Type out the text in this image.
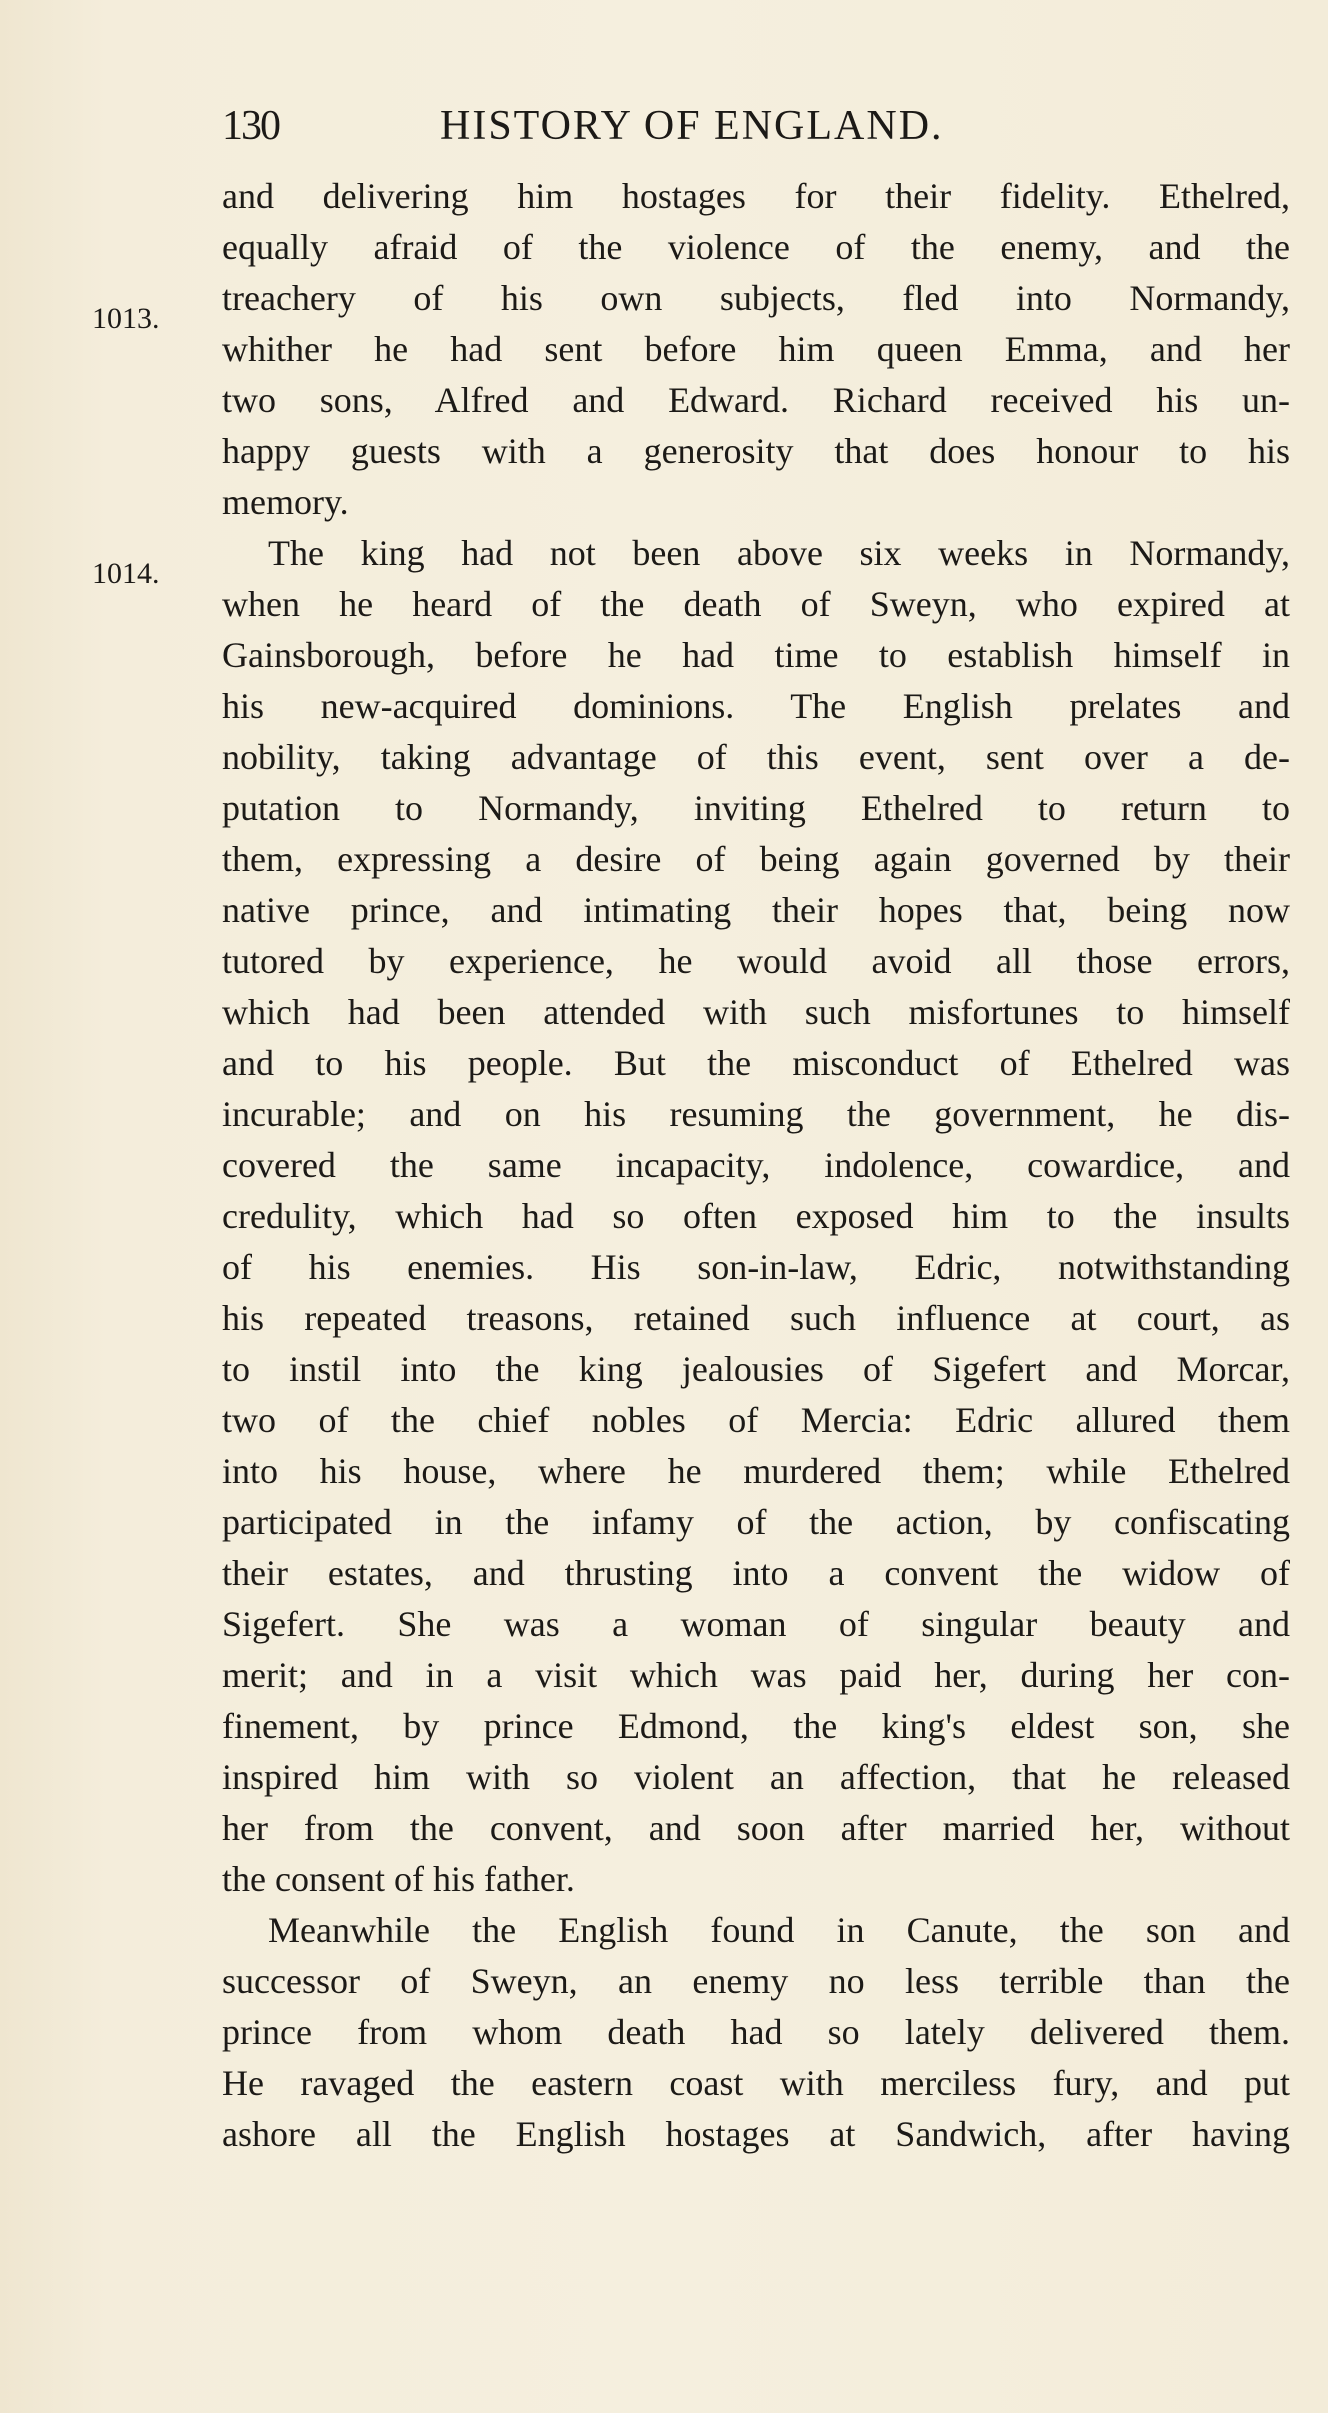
130	HISTORY OF ENGLAND.
1013.
1014.
and delivering him hostages for their fidelity. Ethelred,
equally afraid of the violence of the enemy, and the
treachery of his own subjects, fled into Normandy,
whither he had sent before him queen Emma, and her
two sons, Alfred and Edward. Richard received his un-
happy guests with a generosity that does honour to his
memory.
The king had not been above six weeks in Normandy,
when he heard of the death of Sweyn, who expired at
Gainsborough, before he had time to establish himself in
his new-acquired dominions. The English prelates and
nobility, taking advantage of this event, sent over a de-
putation to Normandy, inviting Ethelred to return to
them, expressing a desire of being again governed by their
native prince, and intimating their hopes that, being now
tutored by experience, he would avoid all those errors,
which had been attended with such misfortunes to himself
and to his people. But the misconduct of Ethelred was
incurable; and on his resuming the government, he dis-
covered the same incapacity, indolence, cowardice, and
credulity, which had so often exposed him to the insults
of his enemies. His son-in-law, Edric, notwithstanding
his repeated treasons, retained such influence at court, as
to instil into the king jealousies of Sigefert and Morcar,
two of the chief nobles of Mercia: Edric allured them
into his house, where he murdered them; while Ethelred
participated in the infamy of the action, by confiscating
their estates, and thrusting into a convent the widow of
Sigefert. She was a woman of singular beauty and
merit; and in a visit which was paid her, during her con-
finement, by prince Edmond, the king's eldest son, she
inspired him with so violent an affection, that he released
her from the convent, and soon after married her, without
the consent of his father.
Meanwhile the English found in Canute, the son and
successor of Sweyn, an enemy no less terrible than the
prince from whom death had so lately delivered them.
He ravaged the eastern coast with merciless fury, and put
ashore all the English hostages at Sandwich, after having
